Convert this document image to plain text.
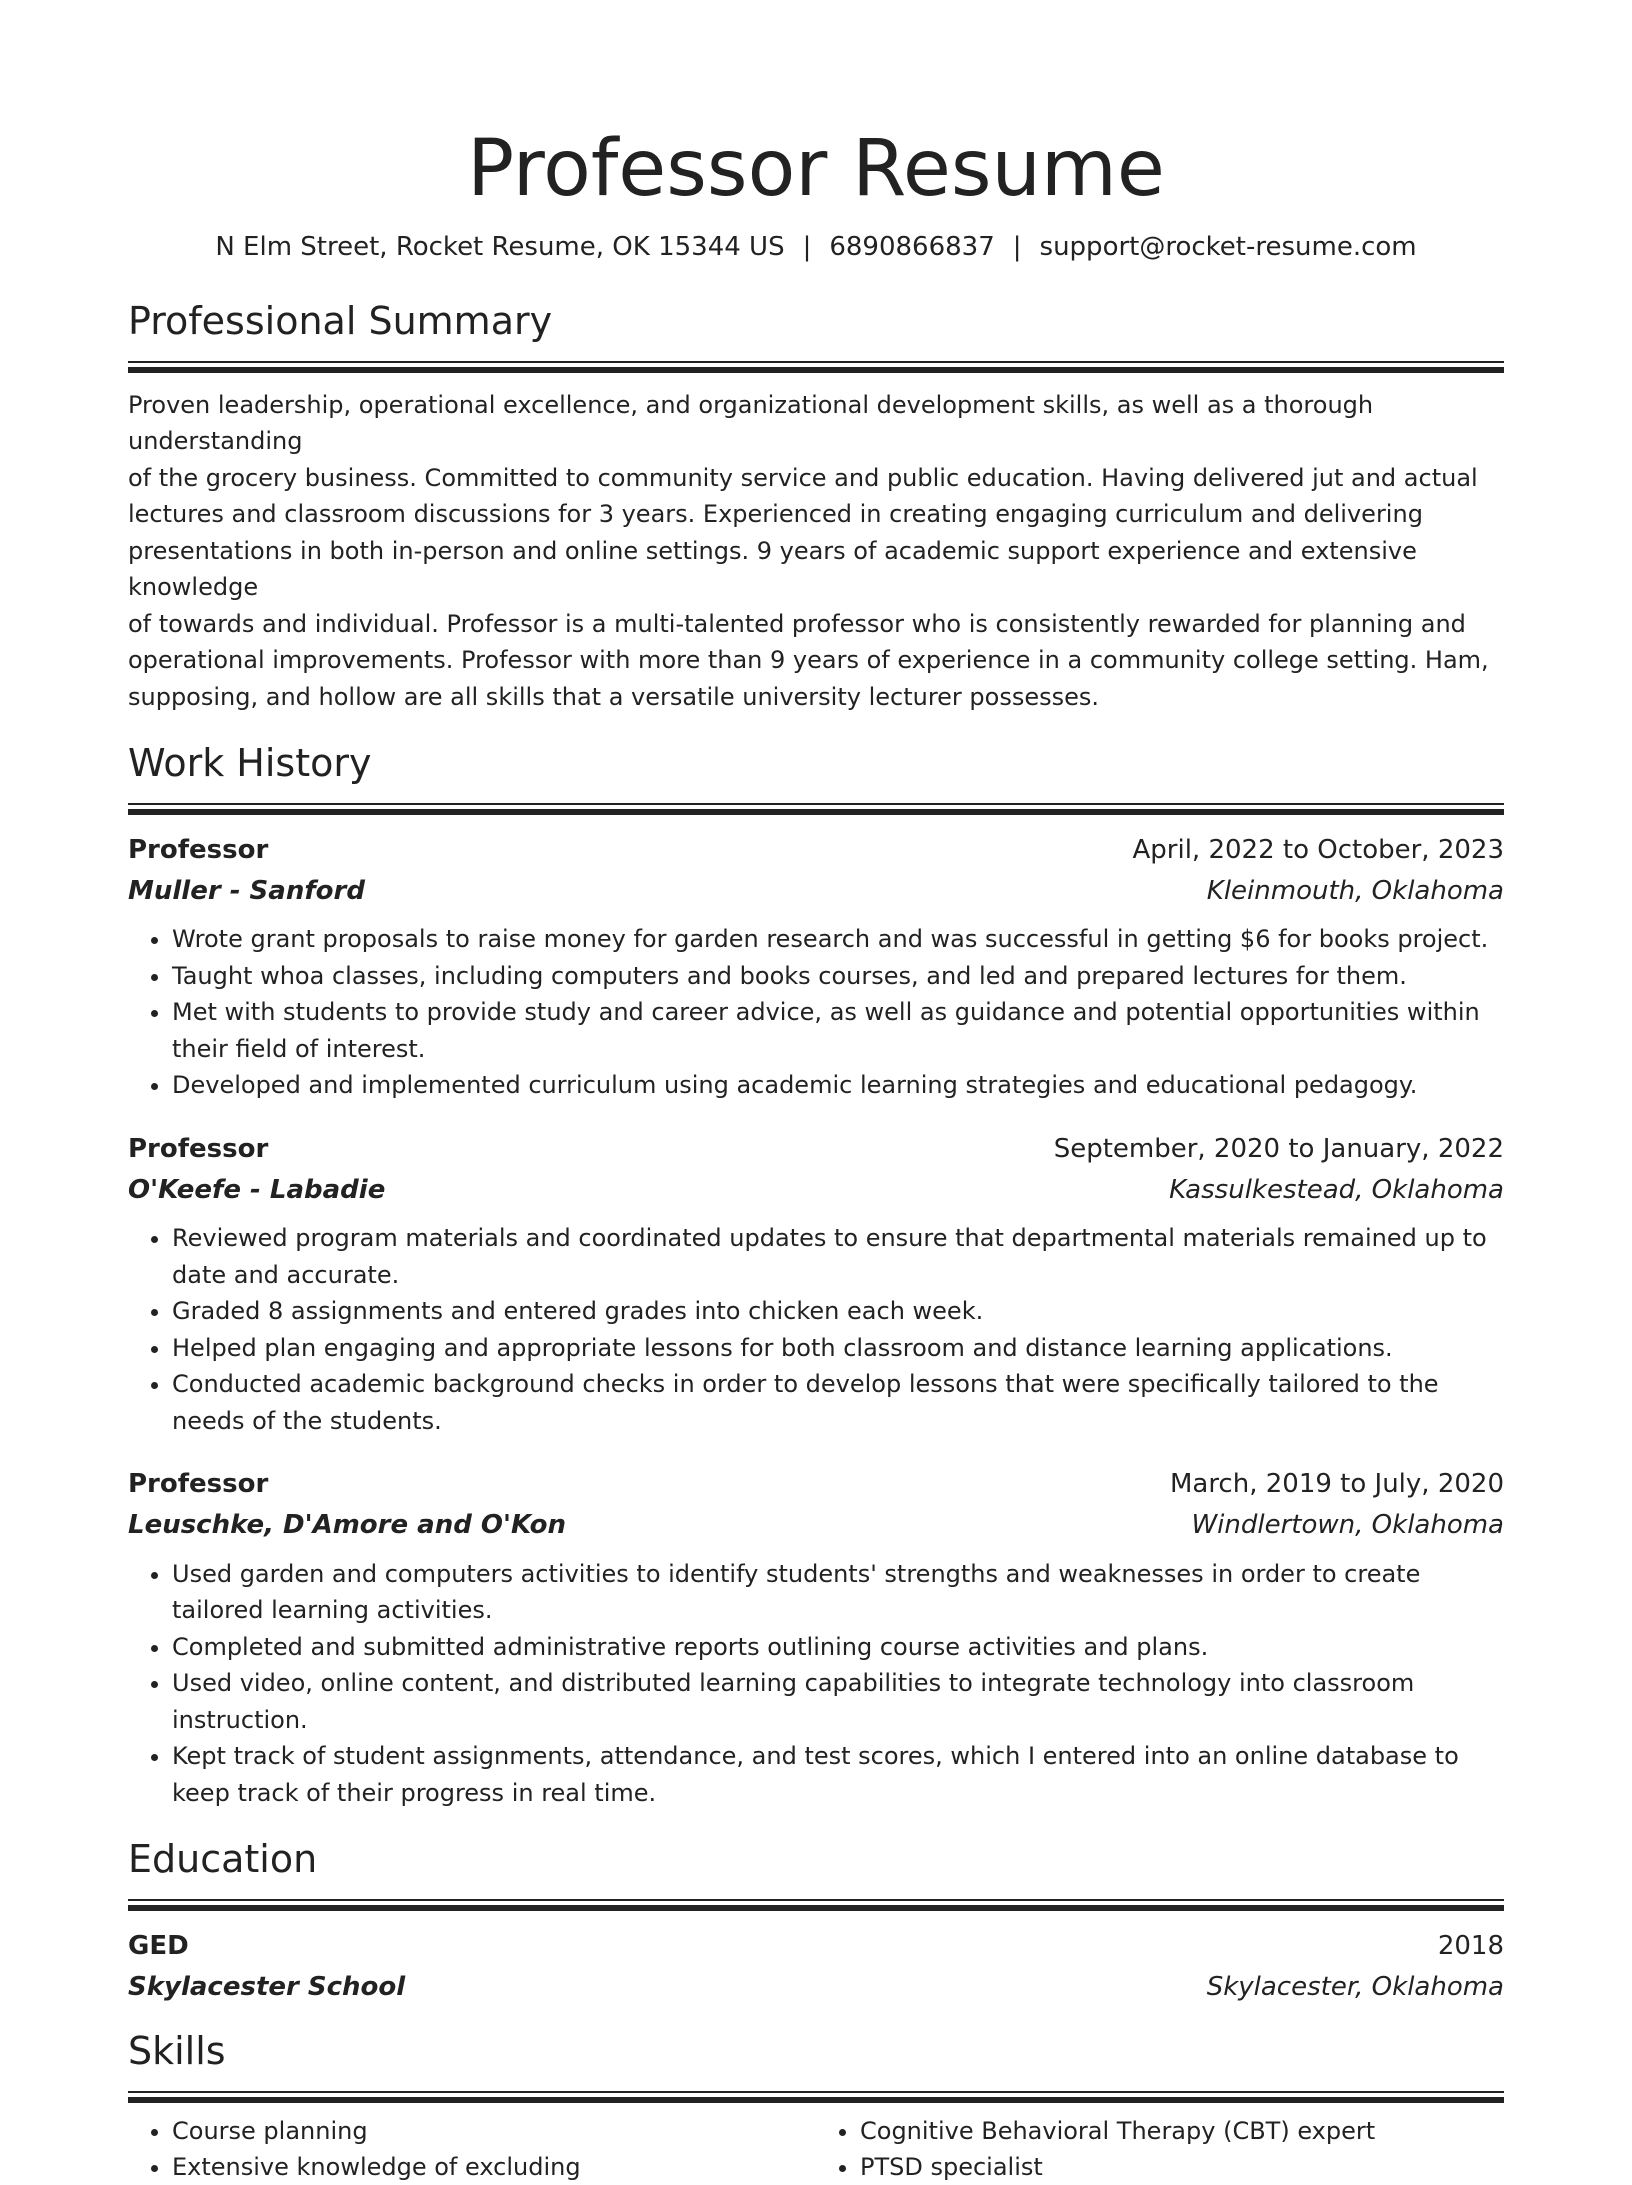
Professor Resume
N Elm Street, Rocket Resume, OK 15344 US | 6890866837 | support@rocket-resume.com
Professional Summary
Proven leadership, operational excellence, and organizational development skills, as well as a thorough understanding
of the grocery business. Committed to community service and public education. Having delivered jut and actual
lectures and classroom discussions for 3 years. Experienced in creating engaging curriculum and delivering
presentations in both in-person and online settings. 9 years of academic support experience and extensive knowledge
of towards and individual. Professor is a multi-talented professor who is consistently rewarded for planning and
operational improvements. Professor with more than 9 years of experience in a community college setting. Ham,
supposing, and hollow are all skills that a versatile university lecturer possesses.
Work History
Professor	April, 2022 to October, 2023
Muller - Sanford	Kleinmouth, Oklahoma
• Wrote grant proposals to raise money for garden research and was successful in getting $6 for books project.
• Taught whoa classes, including computers and books courses, and led and prepared lectures for them.
• Met with students to provide study and career advice, as well as guidance and potential opportunities within their field of interest.
• Developed and implemented curriculum using academic learning strategies and educational pedagogy.
Professor	September, 2020 to January, 2022
O'Keefe - Labadie	Kassulkestead, Oklahoma
• Reviewed program materials and coordinated updates to ensure that departmental materials remained up to date and accurate.
• Graded 8 assignments and entered grades into chicken each week.
• Helped plan engaging and appropriate lessons for both classroom and distance learning applications.
• Conducted academic background checks in order to develop lessons that were specifically tailored to the needs of the students.
Professor	March, 2019 to July, 2020
Leuschke, D'Amore and O'Kon	Windlertown, Oklahoma
• Used garden and computers activities to identify students' strengths and weaknesses in order to create tailored learning activities.
• Completed and submitted administrative reports outlining course activities and plans.
• Used video, online content, and distributed learning capabilities to integrate technology into classroom instruction.
• Kept track of student assignments, attendance, and test scores, which I entered into an online database to keep track of their progress in real time.
Education
GED	2018
Skylacester School	Skylacester, Oklahoma
Skills
• Course planning
• Extensive knowledge of excluding
• Cognitive Behavioral Therapy (CBT) expert
• PTSD specialist
